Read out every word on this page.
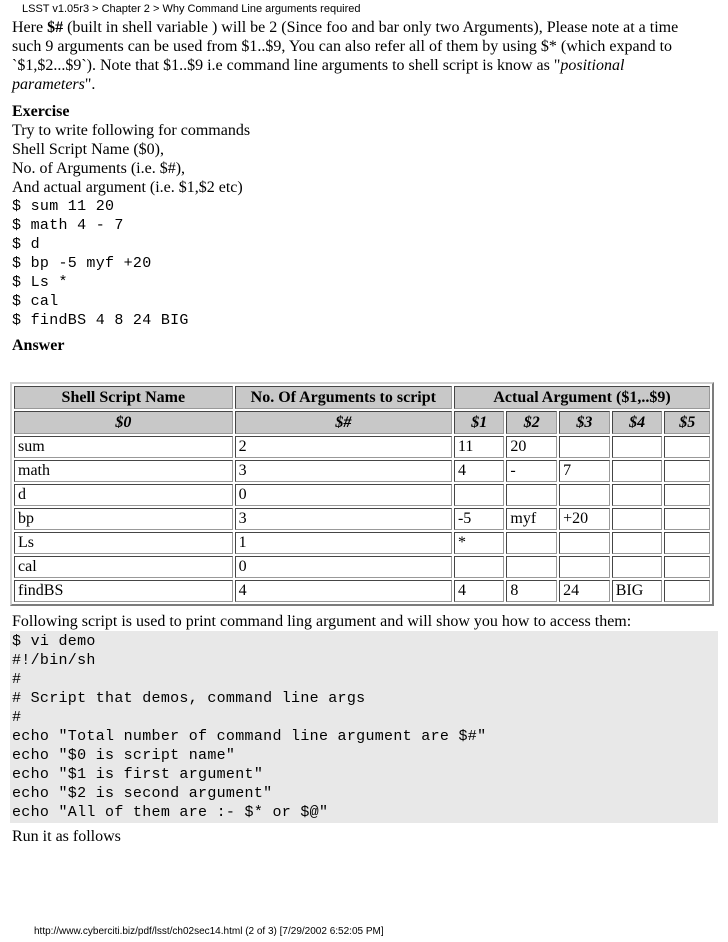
LSST v1.05r3 > Chapter 2 > Why Command Line arguments required

Here $# (built in shell variable ) will be 2 (Since foo and bar only two Arguments), Please note at a time
such 9 arguments can be used from $1..$9, You can also refer all of them by using $* (which expand to
`$1,$2...$9`). Note that $1..$9 i.e command line arguments to shell script is know as "positional
parameters".

Exercise

Try to write following for commands

Shell Script Name ($0),

No. of Arguments (i.e. $#),

And actual argument (i.e. $1,$2 etc)

$ sum 11 20

$ math 4 - 7

$ d

$ bp -5 myf +20

$ Ls *

$ cal

$ findBS 4 8 24 BIG

Answer

Shell Script Name	No. Of Arguments to script	Actual Argument ($1,..$9)				
$0	$#	$1	$2	$3	$4	$5
sum	2	11	20			
math	3	4	-	7		
d	0					
bp	3	-5	myf	+20		
Ls	1	*				
cal	0					
findBS	4	4	8	24	BIG	

Following script is used to print command ling argument and will show you how to access them:

$ vi demo
#!/bin/sh
#
# Script that demos, command line args
#
echo "Total number of command line argument are $#"
echo "$0 is script name"
echo "$1 is first argument"
echo "$2 is second argument"
echo "All of them are :- $* or $@"

Run it as follows

http://www.cyberciti.biz/pdf/lsst/ch02sec14.html (2 of 3) [7/29/2002 6:52:05 PM]
